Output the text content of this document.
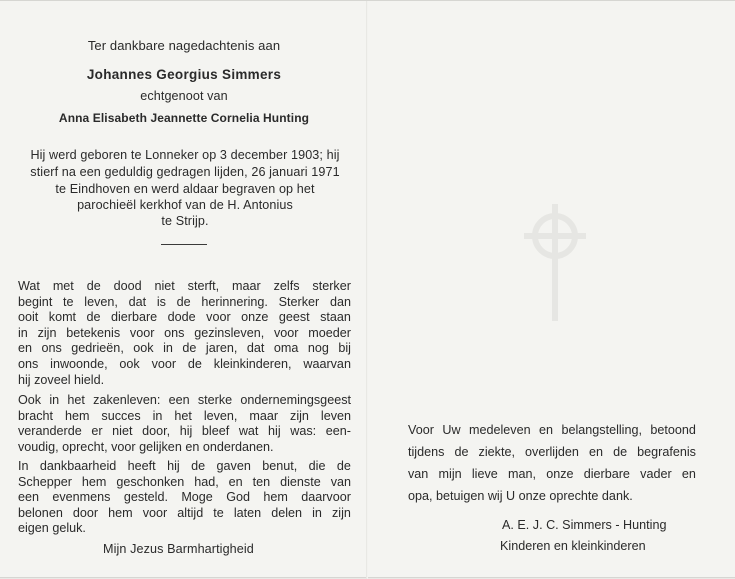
Ter dankbare nagedachtenis aan
Johannes Georgius Simmers
echtgenoot van
Anna Elisabeth Jeannette Cornelia Hunting
Hij werd geboren te Lonneker op 3 december 1903; hij
stierf na een geduldig gedragen lijden, 26 januari 1971
te Eindhoven en werd aldaar begraven op het
parochieël kerkhof van de H. Antonius
te Strijp.
Wat met de dood niet sterft, maar zelfs sterker
begint te leven, dat is de herinnering. Sterker dan
ooit komt de dierbare dode voor onze geest staan
in zijn betekenis voor ons gezinsleven, voor moeder
en ons gedrieën, ook in de jaren, dat oma nog bij
ons inwoonde, ook voor de kleinkinderen, waarvan
hij zoveel hield.
Ook in het zakenleven: een sterke ondernemingsgeest
bracht hem succes in het leven, maar zijn leven
veranderde er niet door, hij bleef wat hij was: een-
voudig, oprecht, voor gelijken en onderdanen.
In dankbaarheid heeft hij de gaven benut, die de
Schepper hem geschonken had, en ten dienste van
een evenmens gesteld. Moge God hem daarvoor
belonen door hem voor altijd te laten delen in zijn
eigen geluk.
Mijn Jezus Barmhartigheid
Voor Uw medeleven en belangstelling, betoond
tijdens de ziekte, overlijden en de begrafenis
van mijn lieve man, onze dierbare vader en
opa, betuigen wij U onze oprechte dank.
A. E. J. C. Simmers - Hunting
Kinderen en kleinkinderen
